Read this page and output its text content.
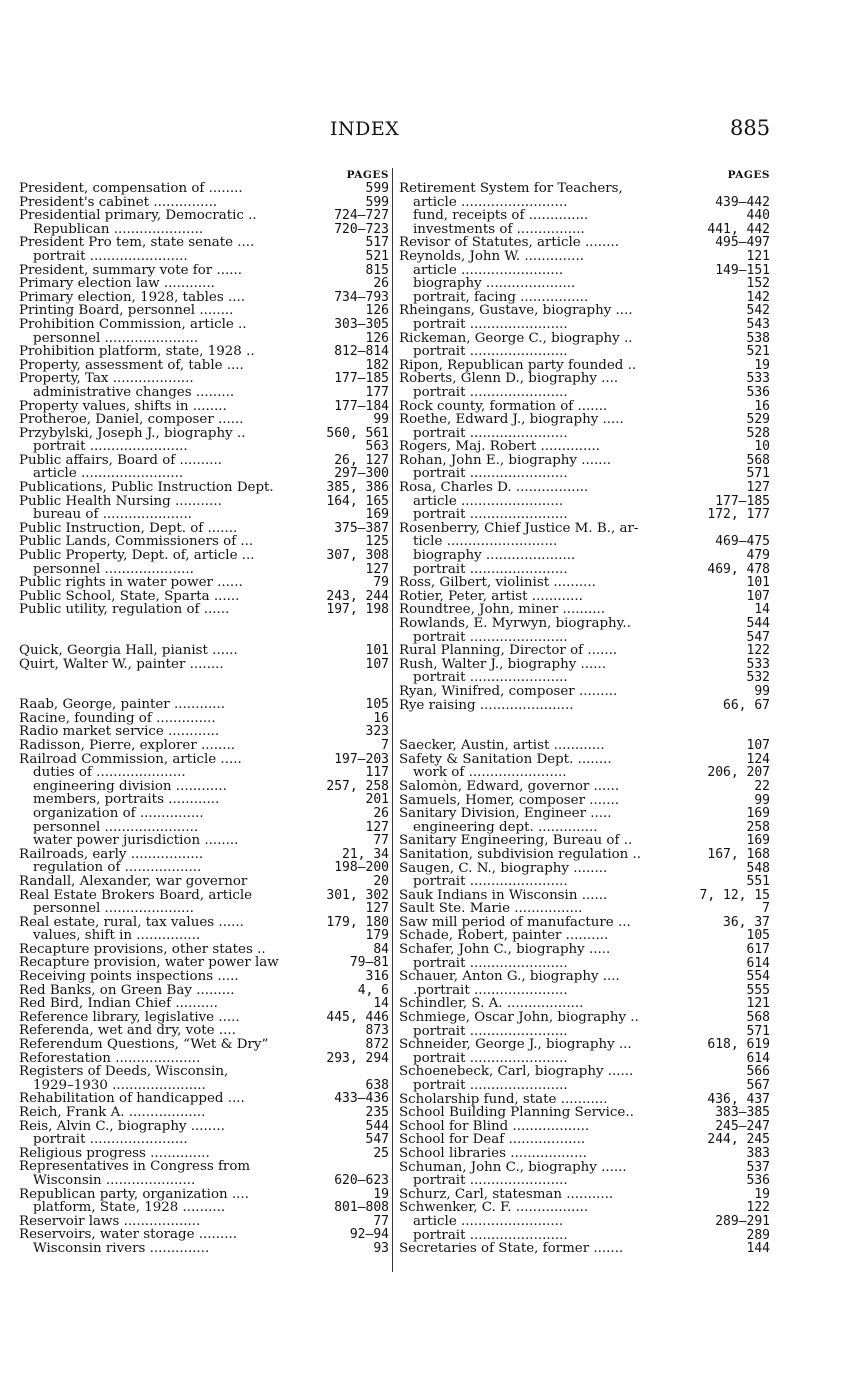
INDEX	885
PAGES
President, compensation of ........	599
President's cabinet ...............	599
Presidential primary, Democratic ..	724–727
Republican .....................	720–723
President Pro tem, state senate ....	517
portrait .......................	521
President, summary vote for ......	815
Primary election law ............	26
Primary election, 1928, tables ....	734–793
Printing Board, personnel ........	126
Prohibition Commission, article ..	303–305
personnel ......................	126
Prohibition platform, state, 1928 ..	812–814
Property, assessment of, table ....	182
Property, Tax ...................	177–185
administrative changes .........	177
Property values, shifts in ........	177–184
Protheroe, Daniel, composer ......	99
Przybylski, Joseph J., biography ..	560, 561
portrait .......................	563
Public affairs, Board of ..........	26, 127
article ........................	297–300
Publications, Public Instruction Dept.	385, 386
Public Health Nursing ...........	164, 165
bureau of .....................	169
Public Instruction, Dept. of .......	375–387
Public Lands, Commissioners of ...	125
Public Property, Dept. of, article ...	307, 308
personnel .....................	127
Public rights in water power ......	79
Public School, State, Sparta ......	243, 244
Public utility, regulation of ......	197, 198
Quick, Georgia Hall, pianist ......	101
Quirt, Walter W., painter ........	107
Raab, George, painter ............	105
Racine, founding of ..............	16
Radio market service ............	323
Radisson, Pierre, explorer ........	7
Railroad Commission, article .....	197–203
duties of .....................	117
engineering division ............	257, 258
members, portraits ............	201
organization of ...............	26
personnel ......................	127
water power jurisdiction ........	77
Railroads, early .................	21, 34
regulation of ..................	198–200
Randall, Alexander, war governor	20
Real Estate Brokers Board, article	301, 302
personnel .....................	127
Real estate, rural, tax values ......	179, 180
values, shift in ...............	179
Recapture provisions, other states ..	84
Recapture provision, water power law	79–81
Receiving points inspections .....	316
Red Banks, on Green Bay .........	4, 6
Red Bird, Indian Chief ..........	14
Reference library, legislative .....	445, 446
Referenda, wet and dry, vote ....	873
Referendum Questions, “Wet & Dry”	872
Reforestation ....................	293, 294
Registers of Deeds, Wisconsin,
1929–1930 ......................	638
Rehabilitation of handicapped ....	433–436
Reich, Frank A. ..................	235
Reis, Alvin C., biography ........	544
portrait .......................	547
Religious progress ..............	25
Representatives in Congress from
Wisconsin .....................	620–623
Republican party, organization ....	19
platform, State, 1928 ..........	801–808
Reservoir laws ..................	77
Reservoirs, water storage .........	92–94
Wisconsin rivers ..............	93
PAGES
Retirement System for Teachers,
article .........................	439–442
fund, receipts of ..............	440
investments of ................	441, 442
Revisor of Statutes, article ........	495–497
Reynolds, John W. ..............	121
article ........................	149–151
biography .....................	152
portrait, facing ................	142
Rheingans, Gustave, biography ....	542
portrait .......................	543
Rickeman, George C., biography ..	538
portrait .......................	521
Ripon, Republican party founded ..	19
Roberts, Glenn D., biography ....	533
portrait .......................	536
Rock county, formation of .......	16
Roethe, Edward J., biography .....	529
portrait .......................	528
Rogers, Maj. Robert ..............	10
Rohan, John E., biography .......	568
portrait .......................	571
Rosa, Charles D. .................	127
article ........................	177–185
portrait .......................	172, 177
Rosenberry, Chief Justice M. B., ar-
ticle ..........................	469–475
biography .....................	479
portrait .......................	469, 478
Ross, Gilbert, violinist ..........	101
Rotier, Peter, artist ............	107
Roundtree, John, miner ..........	14
Rowlands, E. Myrwyn, biography..	544
portrait .......................	547
Rural Planning, Director of .......	122
Rush, Walter J., biography ......	533
portrait .......................	532
Ryan, Winifred, composer .........	99
Rye raising ......................	66, 67
Saecker, Austin, artist ............	107
Safety & Sanitation Dept. ........	124
work of .......................	206, 207
Salomòn, Edward, governor ......	22
Samuels, Homer, composer .......	99
Sanitary Division, Engineer .....	169
engineering dept. ..............	258
Sanitary Engineering, Bureau of ..	169
Sanitation, subdivision regulation ..	167, 168
Saugen, C. N., biography ........	548
portrait .......................	551
Sauk Indians in Wisconsin ......	7, 12, 15
Sault Ste. Marie ................	7
Saw mill period of manufacture ...	36, 37
Schade, Robert, painter ..........	105
Schafer, John C., biography .....	617
portrait .......................	614
Schauer, Anton G., biography ....	554
.portrait ......................	555
Schindler, S. A. ..................	121
Schmiege, Oscar John, biography ..	568
portrait .......................	571
Schneider, George J., biography ...	618, 619
portrait .......................	614
Schoenebeck, Carl, biography ......	566
portrait .......................	567
Scholarship fund, state ...........	436, 437
School Building Planning Service..	383–385
School for Blind ..................	245–247
School for Deaf ..................	244, 245
School libraries ..................	383
Schuman, John C., biography ......	537
portrait .......................	536
Schurz, Carl, statesman ...........	19
Schwenker, C. F. .................	122
article ........................	289–291
portrait .......................	289
Secretaries of State, former .......	144
